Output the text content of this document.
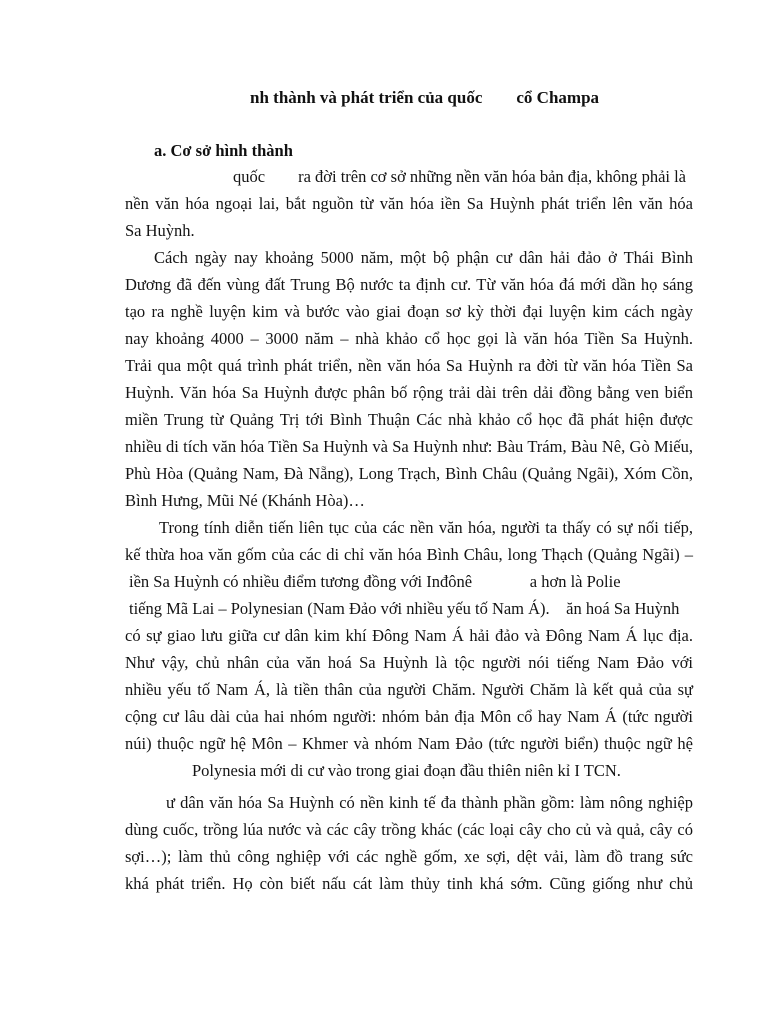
nh thành và phát triển của quốc        cổ Champa
a. Cơ sở hình thành
quốc        ra đời trên cơ sở những nền văn hóa bản địa, không phải là
nền văn hóa ngoại lai, bắt nguồn từ văn hóa iền Sa Huỳnh phát triển lên văn hóa
Sa Huỳnh.
Cách ngày nay khoảng 5000 năm, một bộ phận cư dân hải đảo ở Thái Bình
Dương đã đến vùng đất Trung Bộ nước ta định cư. Từ văn hóa đá mới dần họ sáng
tạo ra nghề luyện kim và bước vào giai đoạn sơ kỳ thời đại luyện kim cách ngày
nay khoảng 4000 – 3000 năm – nhà khảo cổ học gọi là văn hóa Tiền Sa Huỳnh.
Trải qua một quá trình phát triển, nền văn hóa Sa Huỳnh ra đời từ văn hóa Tiền Sa
Huỳnh. Văn hóa Sa Huỳnh được phân bố rộng trải dài trên dải đồng bằng ven biển
miền Trung từ Quảng Trị tới Bình Thuận Các nhà khảo cổ học đã phát hiện được
nhiều di tích văn hóa Tiền Sa Huỳnh và Sa Huỳnh như: Bàu Trám, Bàu Nê, Gò Miếu,
Phù Hòa (Quảng Nam, Đà Nẵng), Long Trạch, Bình Châu (Quảng Ngãi), Xóm Cồn,
Bình Hưng, Mũi Né (Khánh Hòa)…
Trong tính diễn tiến liên tục của các nền văn hóa, người ta thấy có sự nối tiếp,
kế thừa hoa văn gốm của các di chỉ văn hóa Bình Châu, long Thạch (Quảng Ngãi) –
iền Sa Huỳnh có nhiều điểm tương đồng với Inđônê              a hơn là Polie
tiếng Mã Lai – Polynesian (Nam Đảo với nhiều yếu tố Nam Á).    ăn hoá Sa Huỳnh
có sự giao lưu giữa cư dân kim khí Đông Nam Á hải đảo và Đông Nam Á lục địa.
Như vậy, chủ nhân của văn hoá Sa Huỳnh là tộc người nói tiếng Nam Đảo với
nhiều yếu tố Nam Á, là tiền thân của người Chăm. Người Chăm là kết quả của sự
cộng cư lâu dài của hai nhóm người: nhóm bản địa Môn cổ hay Nam Á (tức người
núi) thuộc ngữ hệ Môn – Khmer và nhóm Nam Đảo (tức người biển) thuộc ngữ hệ
Polynesia mới di cư vào trong giai đoạn đầu thiên niên kỉ I TCN.
ư dân văn hóa Sa Huỳnh có nền kinh tế đa thành phần gồm: làm nông nghiệp
dùng cuốc, trồng lúa nước và các cây trồng khác (các loại cây cho củ và quả, cây có
sợi…); làm thủ công nghiệp với các nghề gốm, xe sợi, dệt vải, làm đồ trang sức
khá phát triển. Họ còn biết nấu cát làm thủy tinh khá sớm. Cũng giống như chủ
